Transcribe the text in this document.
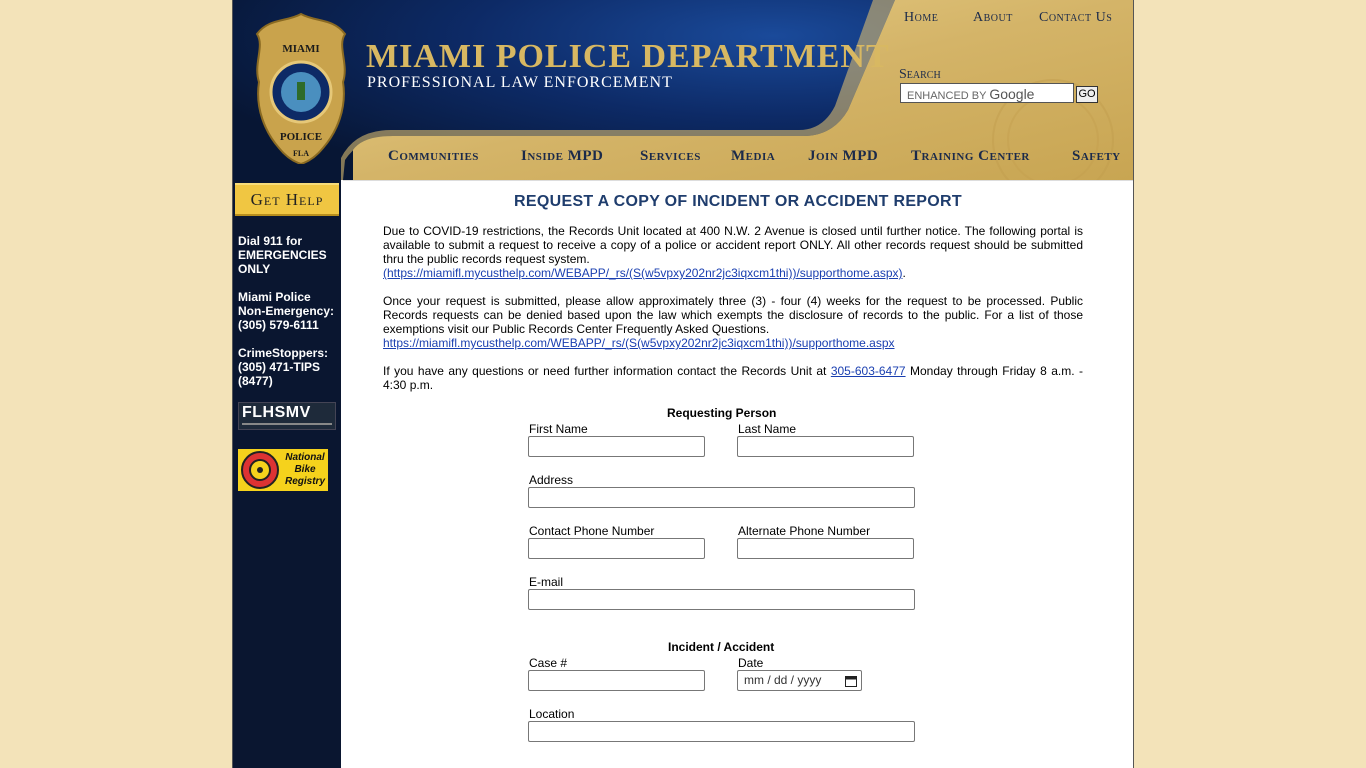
MIAMI
POLICE
FLA
MIAMI POLICE DEPARTMENT
PROFESSIONAL LAW ENFORCEMENT
Home About Contact Us
Search
ENHANCED BY Google	GO
Communities	Inside MPD Services Media Join MPD Training Center	Safety
Get Help
Dial 911 for EMERGENCIES ONLY
Miami Police Non-Emergency:
(305) 579-6111
CrimeStoppers:
(305) 471-TIPS (8477)
FLHSMV
National Bike Registry
REQUEST A COPY OF INCIDENT OR ACCIDENT REPORT
Due to COVID-19 restrictions, the Records Unit located at 400 N.W. 2 Avenue is closed until further notice. The following portal is available to submit a request to receive a copy of a police or accident report ONLY. All other records request should be submitted thru the public records request system.
(https://miamifl.mycusthelp.com/WEBAPP/_rs/(S(w5vpxy202nr2jc3iqxcm1thi))/supporthome.aspx).
Once your request is submitted, please allow approximately three (3) - four (4) weeks for the request to be processed. Public Records requests can be denied based upon the law which exempts the disclosure of records to the public. For a list of those exemptions visit our Public Records Center Frequently Asked Questions.
https://miamifl.mycusthelp.com/WEBAPP/_rs/(S(w5vpxy202nr2jc3iqxcm1thi))/supporthome.aspx
If you have any questions or need further information contact the Records Unit at 305-603-6477 Monday through Friday 8 a.m. - 4:30 p.m.
Requesting Person
First Name	Last Name
Address
Contact Phone Number	Alternate Phone Number
E-mail
Incident / Accident
Case #	Date
mm / dd / yyyy
Location
